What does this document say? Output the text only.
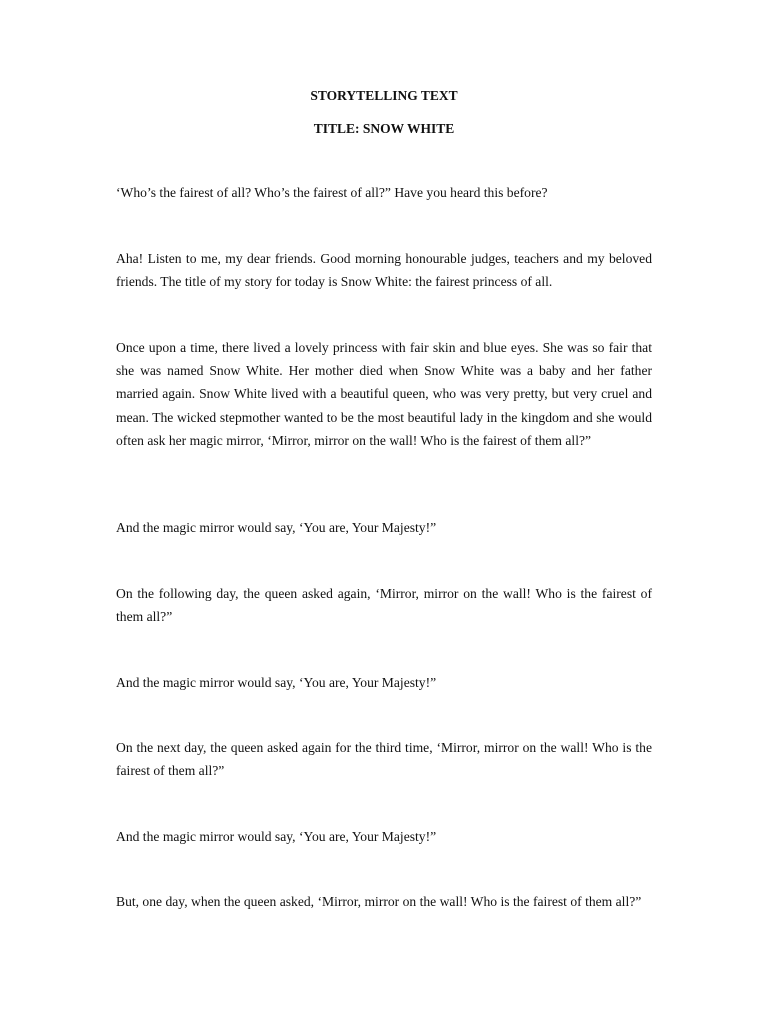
STORYTELLING TEXT

TITLE: SNOW WHITE

‘Who’s the fairest of all? Who’s the fairest of all?” Have you heard this before?

Aha! Listen to me, my dear friends. Good morning honourable judges, teachers and my beloved friends. The title of my story for today is Snow White: the fairest princess of all.

Once upon a time, there lived a lovely princess with fair skin and blue eyes. She was so fair that she was named Snow White. Her mother died when Snow White was a baby and her father married again. Snow White lived with a beautiful queen, who was very pretty, but very cruel and mean. The wicked stepmother wanted to be the most beautiful lady in the kingdom and she would often ask her magic mirror, ‘Mirror, mirror on the wall! Who is the fairest of them all?”

And the magic mirror would say, ‘You are, Your Majesty!”

On the following day, the queen asked again, ‘Mirror, mirror on the wall! Who is the fairest of them all?”

And the magic mirror would say, ‘You are, Your Majesty!”

On the next day, the queen asked again for the third time, ‘Mirror, mirror on the wall! Who is the fairest of them all?”

And the magic mirror would say, ‘You are, Your Majesty!”

But, one day, when the queen asked, ‘Mirror, mirror on the wall! Who is the fairest of them all?”
